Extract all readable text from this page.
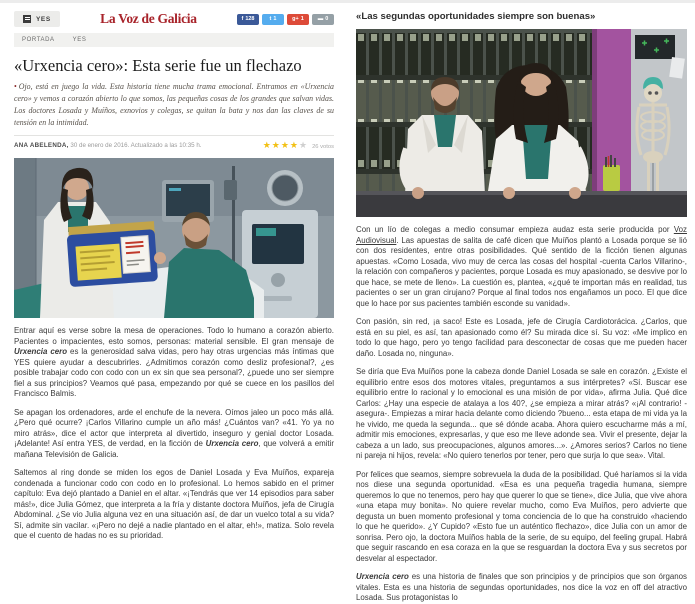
YES	La Voz de Galicia	f 128	t 1	g+ 1	▬ 0
PORTADA	YES
«Urxencia cero»: Esta serie fue un flechazo

• Ojo, está en juego la vida. Esta historia tiene mucha trama emocional. Entramos en «Urxencia cero» y vemos a corazón abierto lo que somos, las pequeñas cosas de los grandes que salvan vidas. Los doctores Losada y Muíños, exnovios y colegas, se quitan la bata y nos dan las claves de su tensión en la intimidad.

ANA ABELENDA, 30 de enero de 2016. Actualizado a las 10:35 h.	★★★★★ 26 votos

Entrar aquí es verse sobre la mesa de operaciones. Todo lo humano a corazón abierto. Pacientes o impacientes, esto somos, personas: material sensible. El gran mensaje de Urxencia cero es la generosidad salva vidas, pero hay otras urgencias más íntimas que YES quiere ayudar a descubrirles. ¿Admitimos corazón como desliz profesional?, ¿es posible trabajar codo con codo con un ex sin que sea personal?, ¿puede uno ser siempre fiel a sus principios? Veamos qué pasa, empezando por qué se cuece en los pasillos del Francisco Balmis.

Se apagan los ordenadores, arde el enchufe de la nevera. Oímos jaleo un poco más allá. ¿Pero qué ocurre? ¡Carlos Villarino cumple un año más! ¿Cuántos van? «41. Yo ya no miro atrás», dice el actor que interpreta al divertido, inseguro y genial doctor Losada. ¡Adelante! Así entra YES, de verdad, en la ficción de Urxencia cero, que volverá a emitir mañana Televisión de Galicia.

Saltemos al ring donde se miden los egos de Daniel Losada y Eva Muíños, expareja condenada a funcionar codo con codo en lo profesional. Lo hemos sabido en el primer capítulo: Eva dejó plantado a Daniel en el altar. «¡Tendrás que ver 14 episodios para saber más!», dice Julia Gómez, que interpreta a la fría y distante doctora Muíños, jefa de Cirugía Abdominal. ¿Se vio Julia alguna vez en una situación así, de dar un vuelco total a su vida? Sí, admite sin vacilar. «¡Pero no dejé a nadie plantado en el altar, eh!», matiza. Solo revela que el cuento de hadas no es su prioridad.

«Las segundas oportunidades siempre son buenas»

Con un lío de colegas a medio consumar empieza audaz esta serie producida por Voz Audiovisual. Las apuestas de salita de café dicen que Muíños plantó a Losada porque se lió con dos residentes, entre otras posibilidades. Qué sentido de la ficción tienen algunas apuestas. «Como Losada, vivo muy de cerca las cosas del hospital -cuenta Carlos Villarino-, la relación con compañeros y pacientes, porque Losada es muy apasionado, se desvive por lo que hace, se mete de lleno». La cuestión es, plantea, «¿qué te importan más en realidad, tus pacientes o ser un gran cirujano? Porque al final todos nos engañamos un poco. El que dice que lo hace por sus pacientes también esconde su vanidad».

Con pasión, sin red, ¡a saco! Este es Losada, jefe de Cirugía Cardiotorácica. ¿Carlos, que está en su piel, es así, tan apasionado como él? Su mirada dice sí. Su voz: «Me implico en todo lo que hago, pero yo tengo facilidad para desconectar de cosas que me pueden hacer daño. Losada no, ninguna».

Se diría que Eva Muíños pone la cabeza donde Daniel Losada se sale en corazón. ¿Existe el equilibrio entre esos dos motores vitales, preguntamos a sus intérpretes? «Sí. Buscar ese equilibrio entre lo racional y lo emocional es una misión de por vida», afirma Julia. Qué dice Carlos: ¿Hay una especie de atalaya a los 40?, ¿se empieza a mirar atrás? «¡Al contrario! -asegura-. Empiezas a mirar hacia delante como diciendo ?bueno... esta etapa de mi vida ya la he vivido, me queda la segunda... que sé dónde acaba. Ahora quiero escucharme más a mí, admitir mis emociones, expresarlas, y que eso me lleve adonde sea. Vivir el presente, dejar la cabeza a un lado, sus preocupaciones, algunos amores...». ¿Amores serios? Carlos no tiene ni pareja ni hijos, revela: «No quiero tenerlos por tener, pero que surja lo que sea». Vital.

Por felices que seamos, siempre sobrevuela la duda de la posibilidad. Qué haríamos si la vida nos diese una segunda oportunidad. «Esa es una pequeña tragedia humana, siempre queremos lo que no tenemos, pero hay que querer lo que se tiene», dice Julia, que vive ahora «una etapa muy bonita». No quiere revelar mucho, como Eva Muíños, pero advierte que degusta un buen momento profesional y toma conciencia de lo que ha construido «haciendo lo que he querido». ¿Y Cupido? «Esto fue un auténtico flechazo», dice Julia con un amor de sonrisa. Pero ojo, la doctora Muíños habla de la serie, de su equipo, del feeling grupal. Habrá que seguir rascando en esa coraza en la que se resguardan la doctora Eva y sus secretos por desvelar al espectador.

Urxencia cero es una historia de finales que son principios y de principios que son órganos vitales. Esta es una historia de segundas oportunidades, nos dice la voz en off del atractivo Losada. Sus protagonistas lo
